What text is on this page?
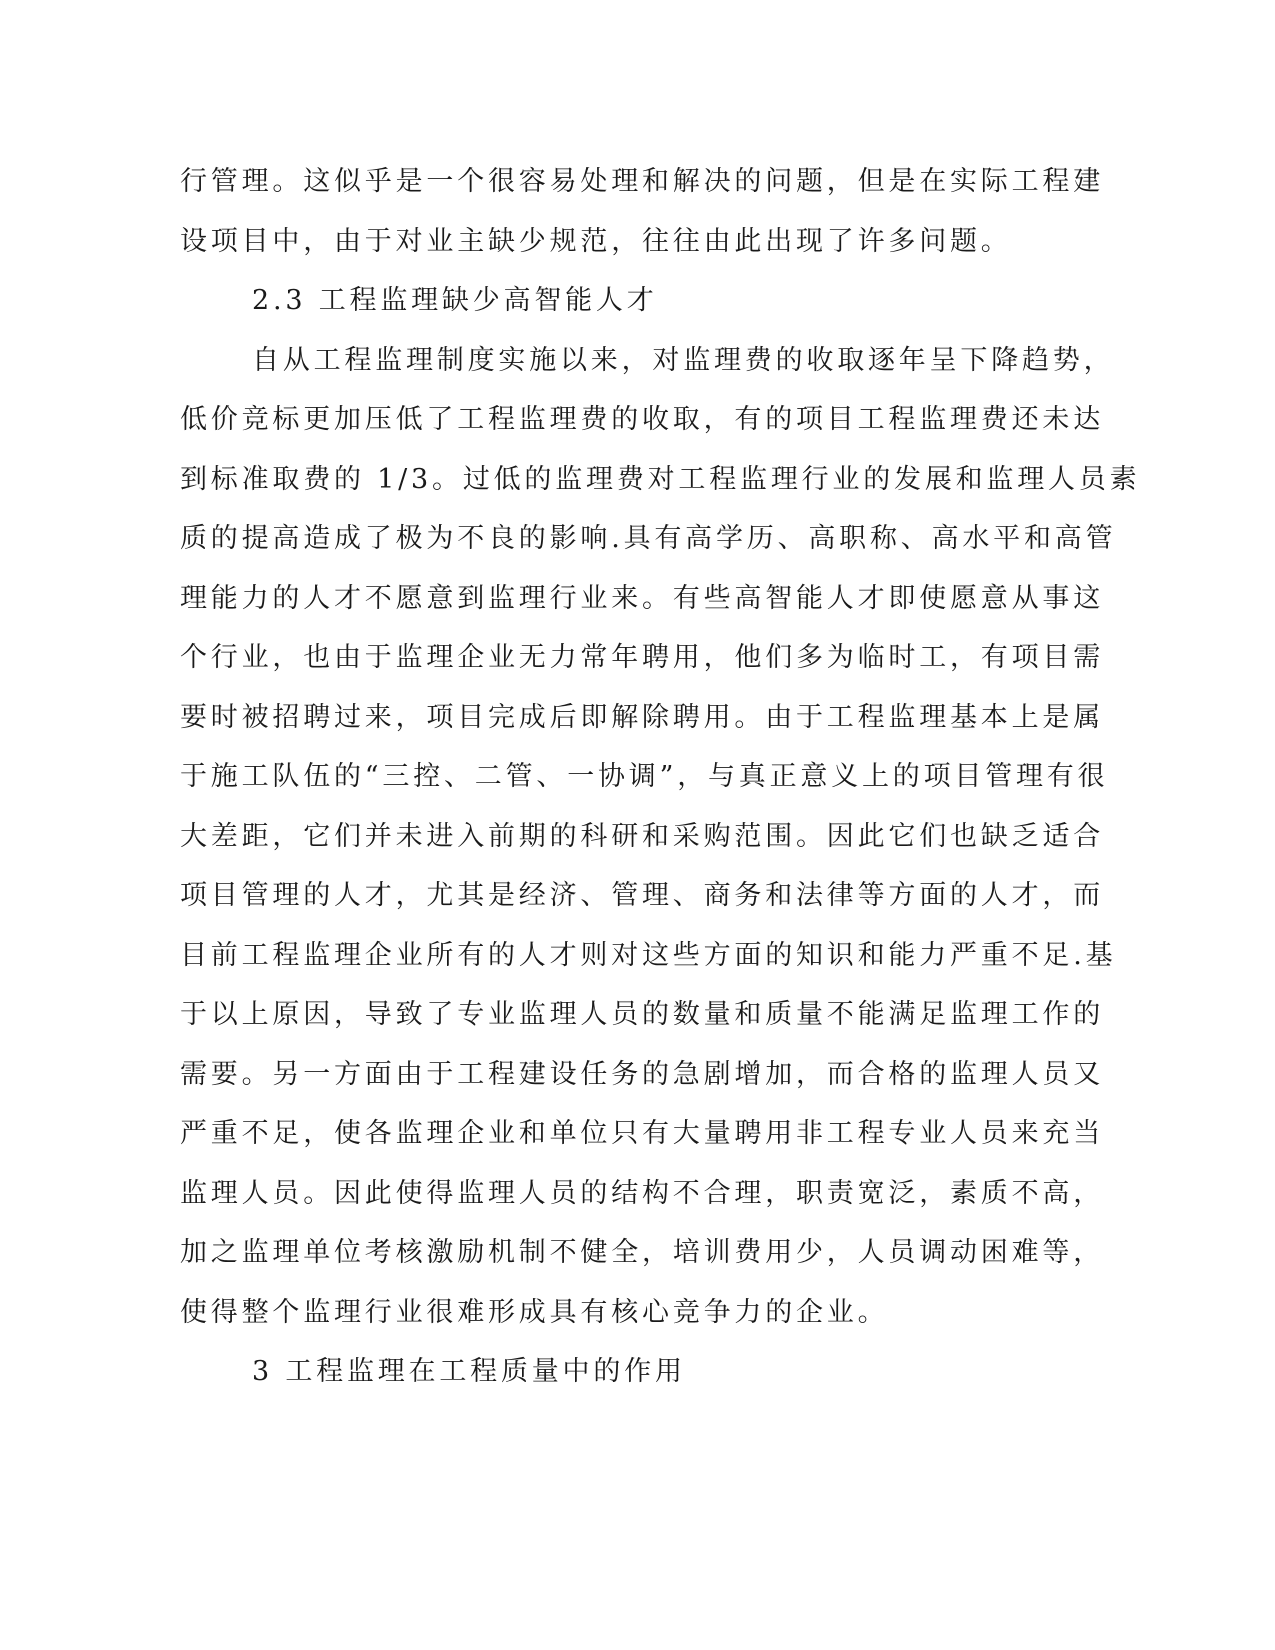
行管理。这似乎是一个很容易处理和解决的问题，但是在实际工程建
设项目中，由于对业主缺少规范，往往由此出现了许多问题。
2.3 工程监理缺少高智能人才
自从工程监理制度实施以来，对监理费的收取逐年呈下降趋势，
低价竞标更加压低了工程监理费的收取，有的项目工程监理费还未达
到标准取费的 1/3。过低的监理费对工程监理行业的发展和监理人员素
质的提高造成了极为不良的影响.具有高学历、高职称、高水平和高管
理能力的人才不愿意到监理行业来。有些高智能人才即使愿意从事这
个行业，也由于监理企业无力常年聘用，他们多为临时工，有项目需
要时被招聘过来，项目完成后即解除聘用。由于工程监理基本上是属
于施工队伍的“三控、二管、一协调”，与真正意义上的项目管理有很
大差距，它们并未进入前期的科研和采购范围。因此它们也缺乏适合
项目管理的人才，尤其是经济、管理、商务和法律等方面的人才，而
目前工程监理企业所有的人才则对这些方面的知识和能力严重不足.基
于以上原因，导致了专业监理人员的数量和质量不能满足监理工作的
需要。另一方面由于工程建设任务的急剧增加，而合格的监理人员又
严重不足，使各监理企业和单位只有大量聘用非工程专业人员来充当
监理人员。因此使得监理人员的结构不合理，职责宽泛，素质不高，
加之监理单位考核激励机制不健全，培训费用少，人员调动困难等，
使得整个监理行业很难形成具有核心竞争力的企业。
3 工程监理在工程质量中的作用
